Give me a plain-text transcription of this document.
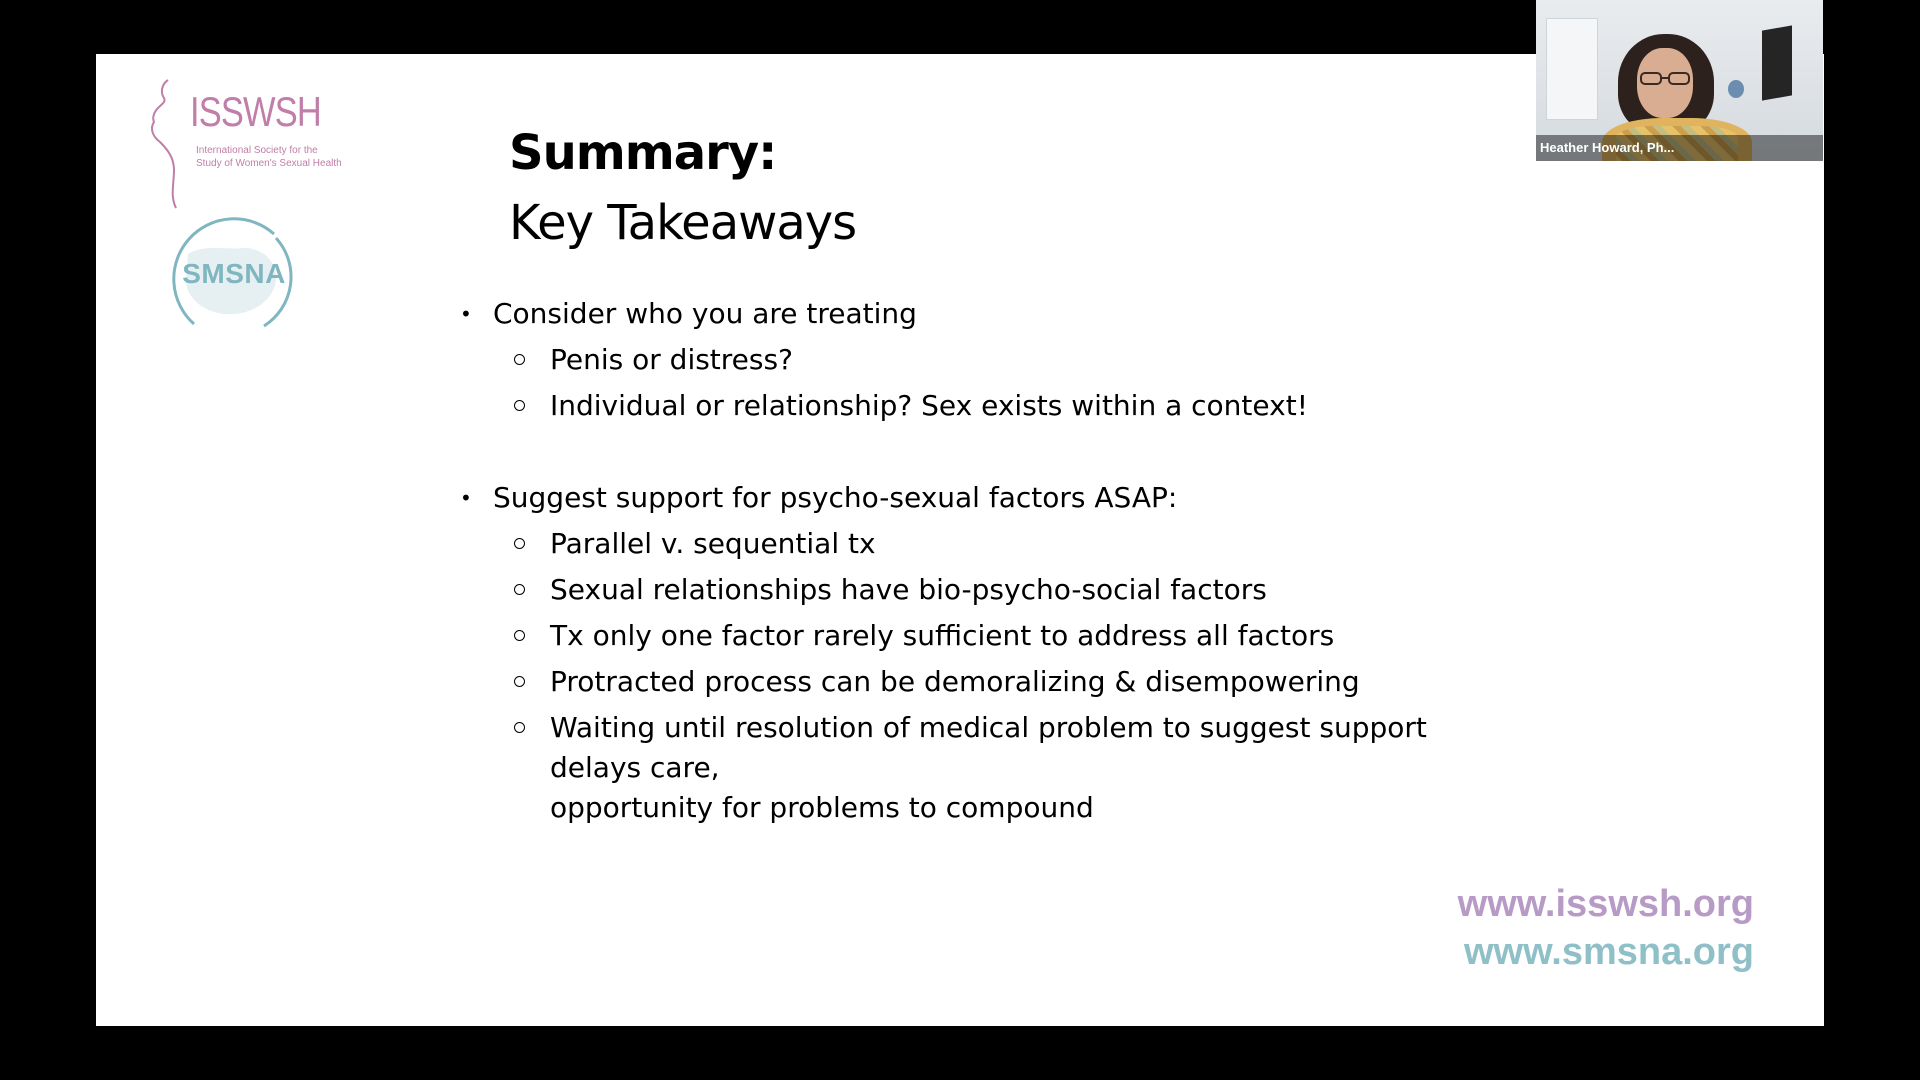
ISSWSH
International Society for the Study of Women's Sexual Health
SMSNA
Summary:
Key Takeaways
• Consider who you are treating
Penis or distress?
Individual or relationship? Sex exists within a context!
• Suggest support for psycho-sexual factors ASAP:
Parallel v. sequential tx
Sexual relationships have bio-psycho-social factors
Tx only one factor rarely sufficient to address all factors
Protracted process can be demoralizing & disempowering
Waiting until resolution of medical problem to suggest support
delays care,
opportunity for problems to compound
www.isswsh.org
www.smsna.org
Heather Howard, Ph...
